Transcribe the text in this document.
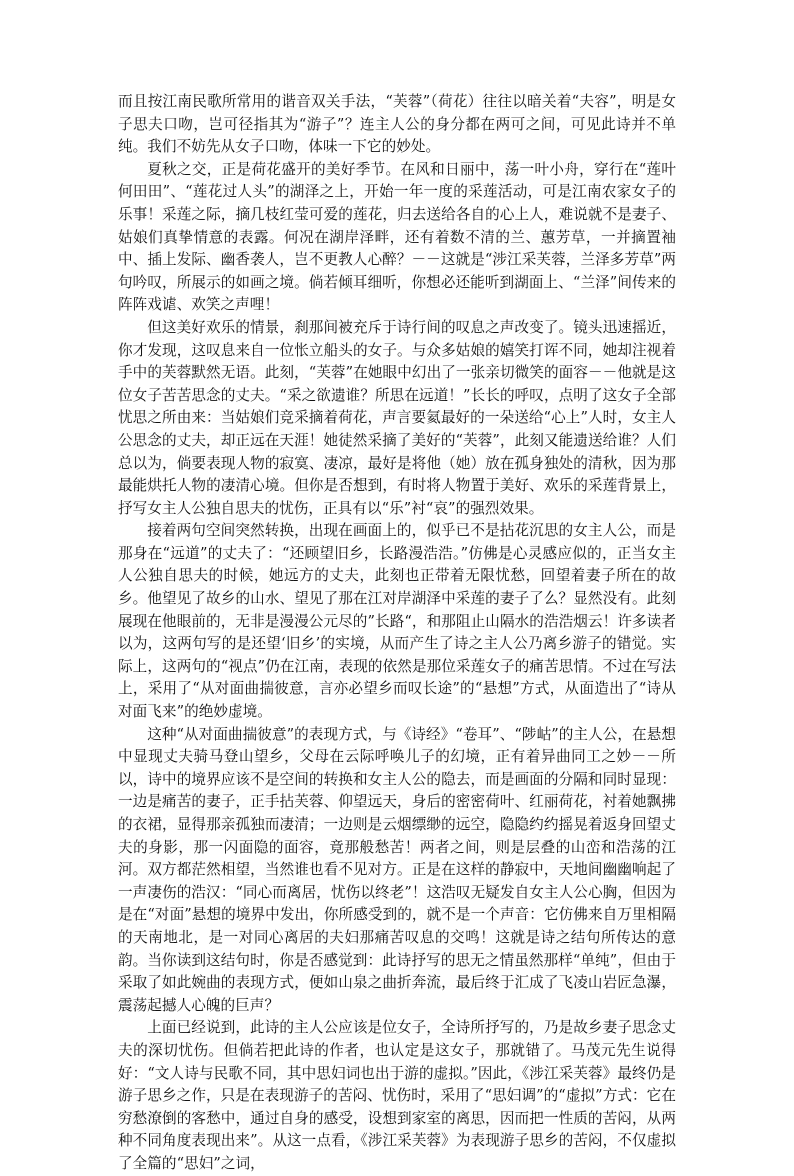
而且按江南民歌所常用的谐音双关手法，“芙蓉”（荷花）往往以暗关着“夫容”，明是女子思夫口吻，岂可径指其为“游子”？连主人公的身分都在两可之间，可见此诗并不单纯。我们不妨先从女子口吻，体味一下它的妙处。

夏秋之交，正是荷花盛开的美好季节。在风和日丽中，荡一叶小舟，穿行在“莲叶何田田”、“莲花过人头”的湖泽之上，开始一年一度的采莲活动，可是江南农家女子的乐事！采莲之际，摘几枝红莹可爱的莲花，归去送给各自的心上人，难说就不是妻子、姑娘们真挚情意的表露。何况在湖岸泽畔，还有着数不清的兰、蕙芳草，一并摘置袖中、插上发际、幽香袭人，岂不更教人心醉？－－这就是“涉江采芙蓉，兰泽多芳草”两句吟叹，所展示的如画之境。倘若倾耳细听，你想必还能听到湖面上、“兰泽”间传来的阵阵戏谑、欢笑之声哩！

但这美好欢乐的情景，刹那间被充斥于诗行间的叹息之声改变了。镜头迅速摇近，你才发现，这叹息来自一位怅立船头的女子。与众多姑娘的嬉笑打诨不同，她却注视着手中的芙蓉默然无语。此刻，“芙蓉”在她眼中幻出了一张亲切微笑的面容－－他就是这位女子苦苦思念的丈夫。“采之欲遗谁？所思在远道！”长长的呼叹，点明了这女子全部忧思之所由来：当姑娘们竞采摘着荷花，声言要氦最好的一朵送给“心上”人时，女主人公思念的丈夫，却正远在天涯！她徒然采摘了美好的“芙蓉”，此刻又能遗送给谁？人们总以为，倘要表现人物的寂寞、凄凉，最好是将他（她）放在孤身独处的清秋，因为那最能烘托人物的凄清心境。但你是否想到，有时将人物置于美好、欢乐的采莲背景上，抒写女主人公独自思夫的忧伤，正具有以“乐”衬“哀”的强烈效果。

接着两句空间突然转换，出现在画面上的，似乎已不是拈花沉思的女主人公，而是那身在“远道”的丈夫了：“还顾望旧乡，长路漫浩浩。”仿佛是心灵感应似的，正当女主人公独自思夫的时候，她远方的丈夫，此刻也正带着无限忧愁，回望着妻子所在的故乡。他望见了故乡的山水、望见了那在江对岸湖泽中采莲的妻子了么？显然没有。此刻展现在他眼前的，无非是漫漫公元尽的”长路“，和那阻止山隔水的浩浩烟云！许多读者以为，这两句写的是还望‘旧乡’的实境，从而产生了诗之主人公乃离乡游子的错觉。实际上，这两句的“视点”仍在江南，表现的依然是那位采莲女子的痛苦思情。不过在写法上，采用了“从对面曲揣彼意，言亦必望乡而叹长途”的“悬想”方式，从面造出了“诗从对面飞来”的绝妙虚境。

这种“从对面曲揣彼意”的表现方式，与《诗经》“卷耳”、“陟岵”的主人公，在悬想中显现丈夫骑马登山望乡，父母在云际呼唤儿子的幻境，正有着异曲同工之妙－－所以，诗中的境界应该不是空间的转换和女主人公的隐去，而是画面的分隔和同时显现：一边是痛苦的妻子，正手拈芙蓉、仰望远天，身后的密密荷叶、红丽荷花，衬着她飘拂的衣裙，显得那亲孤独而凄清；一边则是云烟缥缈的远空，隐隐约约摇晃着返身回望丈夫的身影，那一闪面隐的面容，竟那般愁苦！两者之间，则是层叠的山峦和浩荡的江河。双方都茫然相望，当然谁也看不见对方。正是在这样的静寂中，天地间幽幽响起了一声凄伤的浩汉：“同心而离居，忧伤以终老”！这浩叹无疑发自女主人公心胸，但因为是在“对面”悬想的境界中发出，你所感受到的，就不是一个声音：它仿佛来自万里相隔的天南地北，是一对同心离居的夫妇那痛苦叹息的交鸣！这就是诗之结句所传达的意韵。当你读到这结句时，你是否感觉到：此诗抒写的思无之情虽然那样“单纯”，但由于采取了如此婉曲的表现方式，便如山泉之曲折奔流，最后终于汇成了飞凌山岩匠急瀑，震荡起撼人心魄的巨声？

上面已经说到，此诗的主人公应该是位女子，全诗所抒写的，乃是故乡妻子思念丈夫的深切忧伤。但倘若把此诗的作者，也认定是这女子，那就错了。马茂元先生说得好：“文人诗与民歌不同，其中思妇词也出于游的虚拟。”因此，《涉江采芙蓉》最终仍是游子思乡之作，只是在表现游子的苦闷、忧伤时，采用了“思妇调”的“虚拟”方式：它在穷愁潦倒的客愁中，通过自身的感受，设想到家室的离思，因而把一性质的苦闷，从两种不同角度表现出来”。从这一点看，《涉江采芙蓉》为表现游子思乡的苦闷，不仅虚拟了全篇的“思妇”之词，
